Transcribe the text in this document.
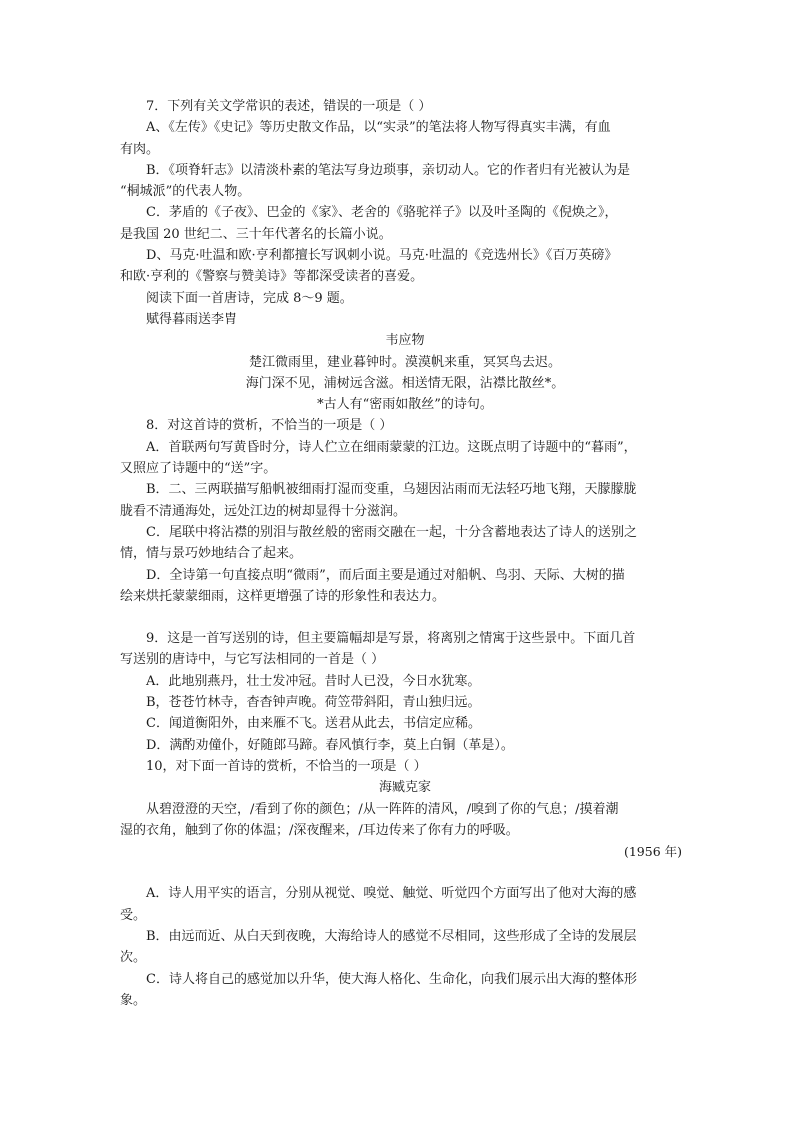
7．下列有关文学常识的表述，错误的一项是（ ）
A、《左传》《史记》等历史散文作品，以“实录”的笔法将人物写得真实丰满，有血
有肉。
B．《项脊轩志》以清淡朴素的笔法写身边琐事，亲切动人。它的作者归有光被认为是
“桐城派”的代表人物。
C．茅盾的《子夜》、巴金的《家》、老舍的《骆驼祥子》以及叶圣陶的《倪焕之》，
是我国 20 世纪二、三十年代著名的长篇小说。
D、马克·吐温和欧·亨利都擅长写讽刺小说。马克·吐温的《竞选州长》《百万英磅》
和欧·亨利的《警察与赞美诗》等都深受读者的喜爱。
阅读下面一首唐诗，完成 8～9 题。
赋得暮雨送李胄
韦应物
楚江微雨里，建业暮钟时。漠漠帆来重，冥冥鸟去迟。
海门深不见，浦树远含滋。相送情无限，沾襟比散丝*。
*古人有“密雨如散丝”的诗句。
8．对这首诗的赏析，不恰当的一项是（ ）
A．首联两句写黄昏时分，诗人伫立在细雨蒙蒙的江边。这既点明了诗题中的“暮雨”，
又照应了诗题中的“送”字。
B．二、三两联描写船帆被细雨打湿而变重，乌翅因沾雨而无法轻巧地飞翔，天朦朦胧
胧看不清通海处，远处江边的树却显得十分滋润。
C．尾联中将沾襟的别泪与散丝般的密雨交融在一起，十分含蓄地表达了诗人的送别之
情，情与景巧妙地结合了起来。
D．全诗第一句直接点明“微雨”，而后面主要是通过对船帆、鸟羽、天际、大树的描
绘来烘托蒙蒙细雨，这样更增强了诗的形象性和表达力。
9．这是一首写送别的诗，但主要篇幅却是写景，将离别之情寓于这些景中。下面几首
写送别的唐诗中，与它写法相同的一首是（ ）
A．此地别燕丹，壮士发冲冠。昔时人已没，今日水犹寒。
B，苍苍竹林寺，杳杳钟声晚。荷笠带斜阳，青山独归远。
C．闻道衡阳外，由来雁不飞。送君从此去，书信定应稀。
D．满酌劝僮仆，好随郎马蹄。春风慎行李，莫上白铜（革是）。
10，对下面一首诗的赏析，不恰当的一项是（ ）
海臧克家
从碧澄澄的天空，/看到了你的颜色；/从一阵阵的清风，/嗅到了你的气息；/摸着潮
湿的衣角，触到了你的体温；/深夜醒来，/耳边传来了你有力的呼吸。
(1956 年)
A．诗人用平实的语言，分别从视觉、嗅觉、触觉、听觉四个方面写出了他对大海的感
受。
B．由远而近、从白天到夜晚，大海给诗人的感觉不尽相同，这些形成了全诗的发展层
次。
C．诗人将自己的感觉加以升华，使大海人格化、生命化，向我们展示出大海的整体形
象。
